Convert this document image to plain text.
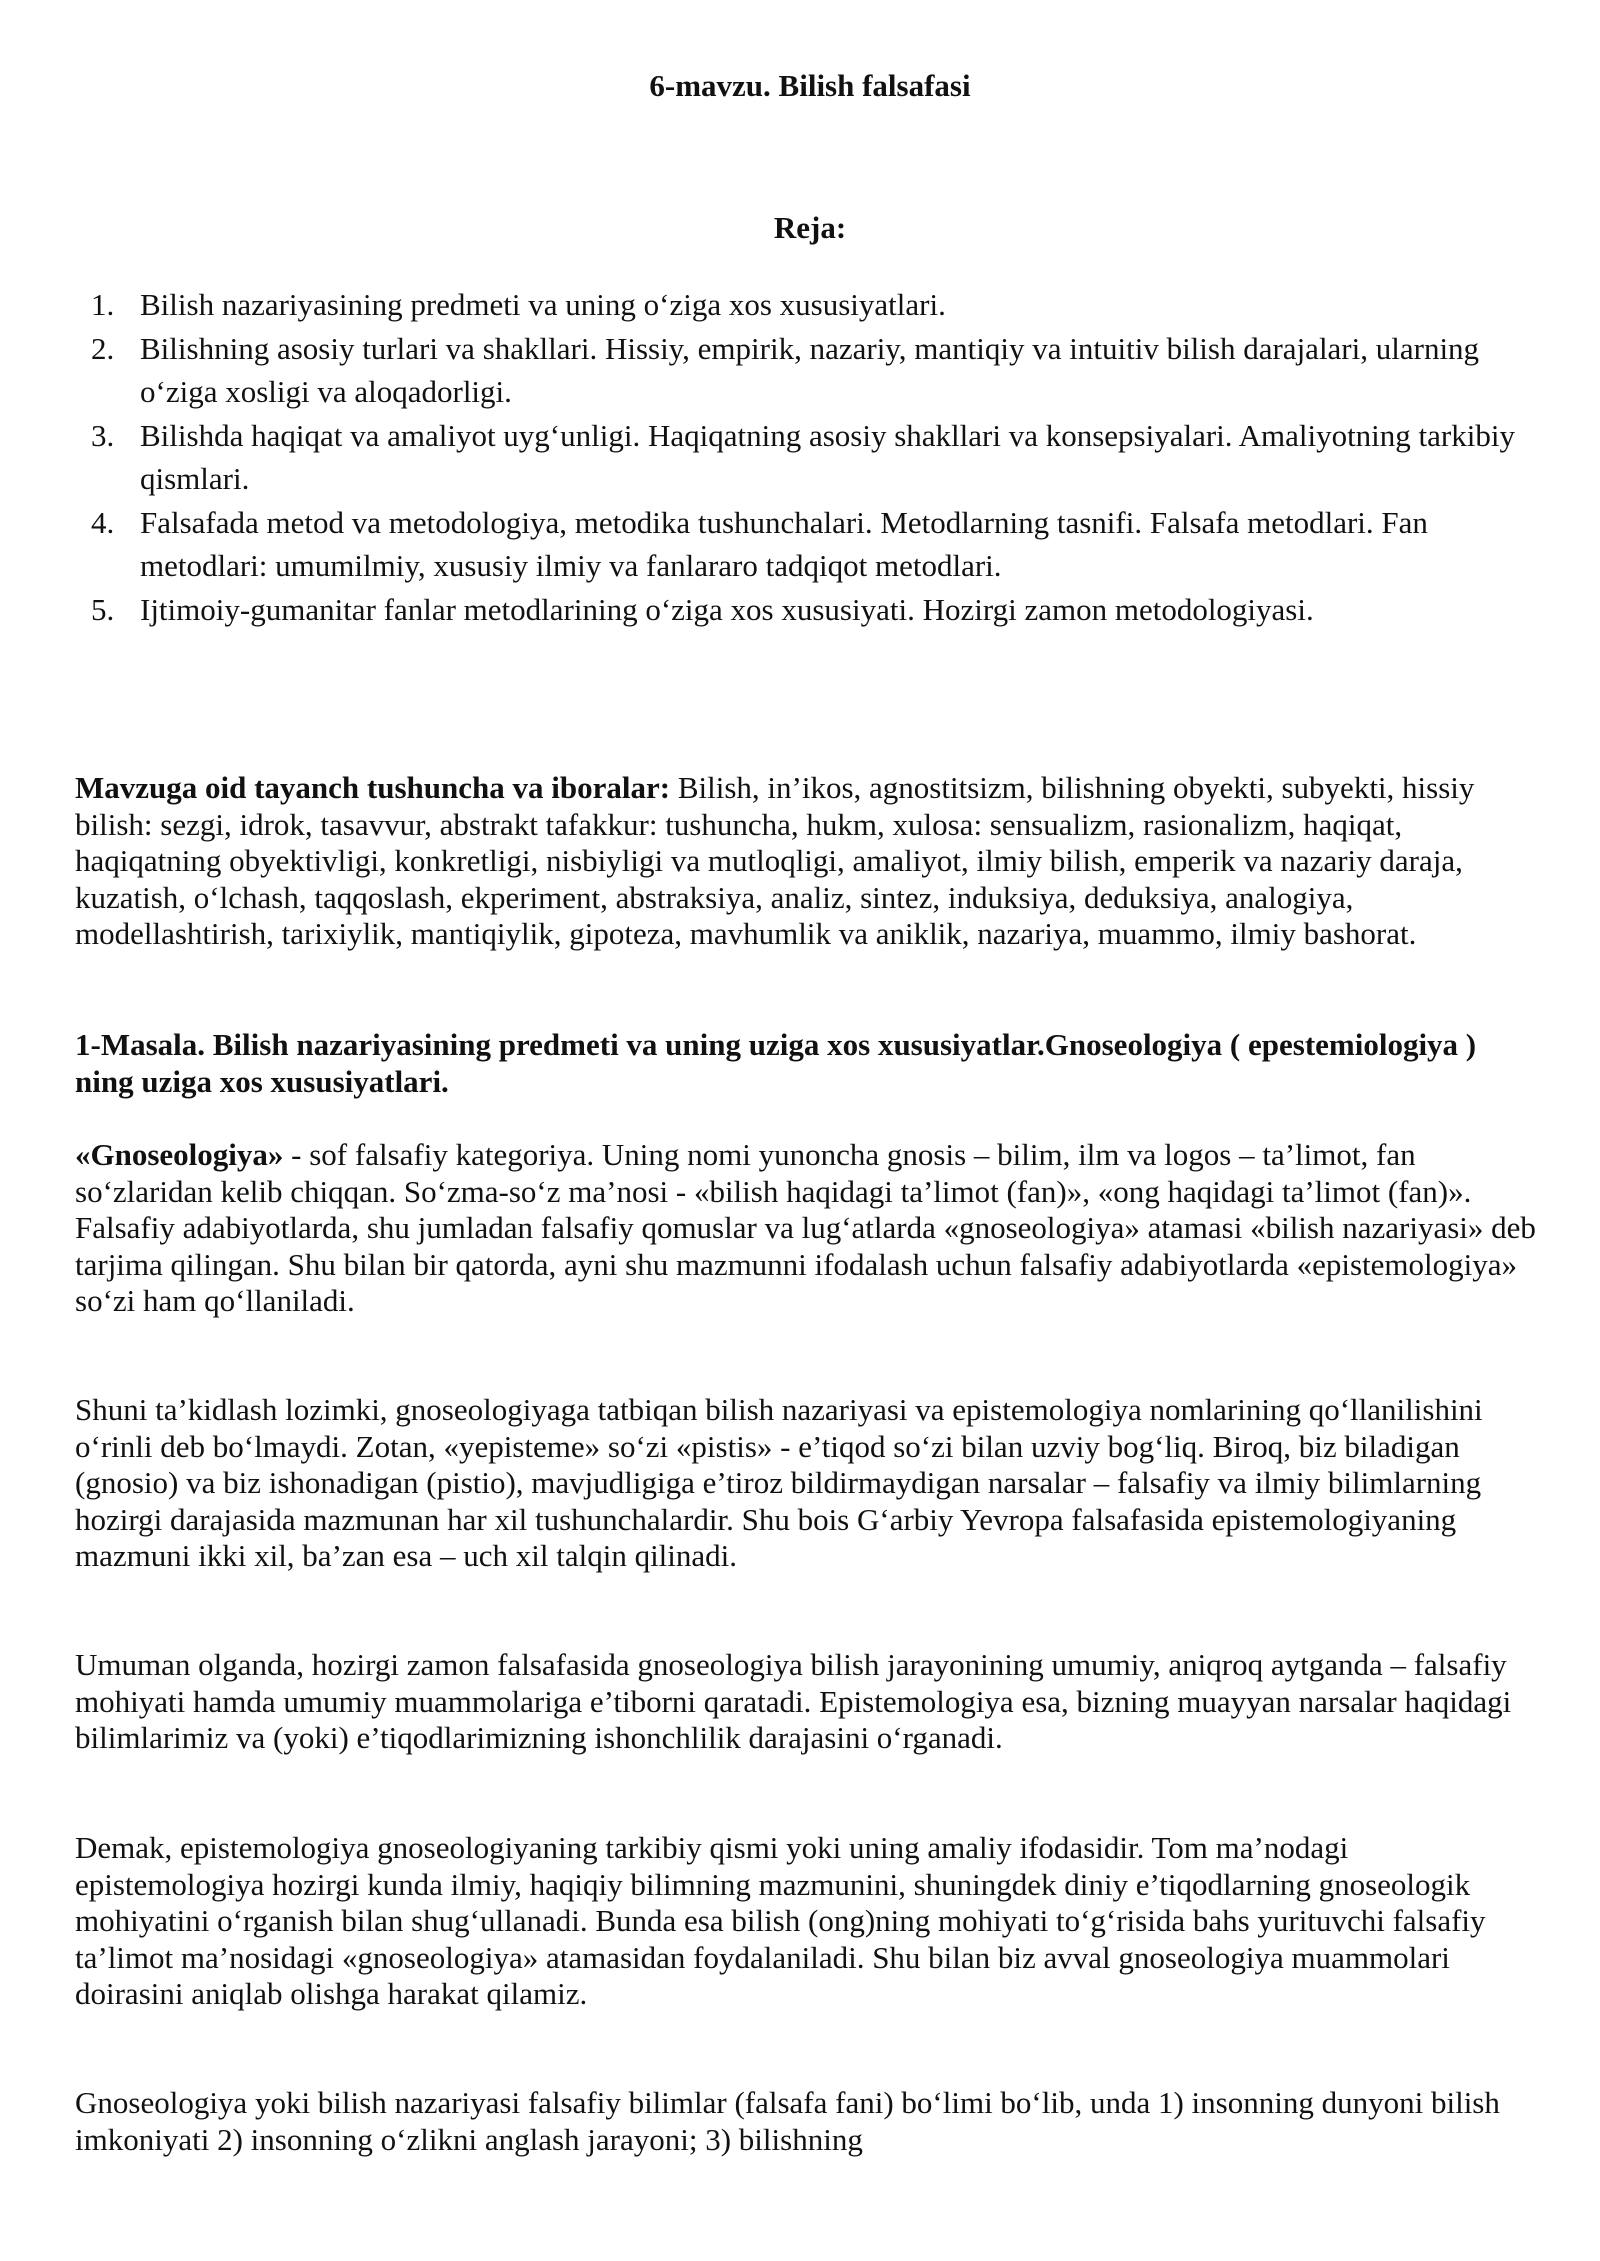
6-mavzu. Bilish falsafasi
Reja:
1. Bilish nazariyasining predmeti va uning o‘ziga xos xususiyatlari.
2. Bilishning asosiy turlari va shakllari. Hissiy, empirik, nazariy, mantiqiy va intuitiv bilish darajalari, ularning o‘ziga xosligi va aloqadorligi.
3. Bilishda haqiqat va amaliyot uyg‘unligi. Haqiqatning asosiy shakllari va konsepsiyalari. Amaliyotning tarkibiy qismlari.
4. Falsafada metod va metodologiya, metodika tushunchalari. Metodlarning tasnifi. Falsafa metodlari. Fan metodlari: umumilmiy, xususiy ilmiy va fanlararo tadqiqot metodlari.
5. Ijtimoiy-gumanitar fanlar metodlarining o‘ziga xos xususiyati. Hozirgi zamon metodologiyasi.

Mavzuga oid tayanch tushuncha va iboralar: Bilish, in’ikos, agnostitsizm, bilishning obyekti, subyekti, hissiy bilish: sezgi, idrok, tasavvur, abstrakt tafakkur: tushuncha, hukm, xulosa: sensualizm, rasionalizm, haqiqat, haqiqatning obyektivligi, konkretligi, nisbiyligi va mutloqligi, amaliyot, ilmiy bilish, emperik va nazariy daraja, kuzatish, o‘lchash, taqqoslash, ekperiment, abstraksiya, analiz, sintez, induksiya, deduksiya, analogiya, modellashtirish, tarixiylik, mantiqiylik, gipoteza, mavhumlik va aniklik, nazariya, muammo, ilmiy bashorat.

1-Masala. Bilish nazariyasining predmeti va uning uziga xos xususiyatlar.Gnoseologiya ( epestemiologiya ) ning uziga xos xususiyatlari.

«Gnoseologiya» - sof falsafiy kategoriya. Uning nomi yunoncha gnosis – bilim, ilm va logos – ta’limot, fan so‘zlaridan kelib chiqqan. So‘zma-so‘z ma’nosi - «bilish haqidagi ta’limot (fan)», «ong haqidagi ta’limot (fan)». Falsafiy adabiyotlarda, shu jumladan falsafiy qomuslar va lug‘atlarda «gnoseologiya» atamasi «bilish nazariyasi» deb tarjima qilingan. Shu bilan bir qatorda, ayni shu mazmunni ifodalash uchun falsafiy adabiyotlarda «epistemologiya» so‘zi ham qo‘llaniladi.

Shuni ta’kidlash lozimki, gnoseologiyaga tatbiqan bilish nazariyasi va epistemologiya nomlarining qo‘llanilishini o‘rinli deb bo‘lmaydi. Zotan, «yepisteme» so‘zi «pistis» - e’tiqod so‘zi bilan uzviy bog‘liq. Biroq, biz biladigan (gnosio) va biz ishonadigan (pistio), mavjudligiga e’tiroz bildirmaydigan narsalar – falsafiy va ilmiy bilimlarning hozirgi darajasida mazmunan har xil tushunchalardir. Shu bois G‘arbiy Yevropa falsafasida epistemologiyaning mazmuni ikki xil, ba’zan esa – uch xil talqin qilinadi.
Umuman olganda, hozirgi zamon falsafasida gnoseologiya bilish jarayonining umumiy, aniqroq aytganda – falsafiy mohiyati hamda umumiy muammolariga e’tiborni qaratadi. Epistemologiya esa, bizning muayyan narsalar haqidagi bilimlarimiz va (yoki) e’tiqodlarimizning ishonchlilik darajasini o‘rganadi.
Demak, epistemologiya gnoseologiyaning tarkibiy qismi yoki uning amaliy ifodasidir. Tom ma’nodagi epistemologiya hozirgi kunda ilmiy, haqiqiy bilimning mazmunini, shuningdek diniy e’tiqodlarning gnoseologik mohiyatini o‘rganish bilan shug‘ullanadi. Bunda esa bilish (ong)ning mohiyati to‘g‘risida bahs yurituvchi falsafiy ta’limot ma’nosidagi «gnoseologiya» atamasidan foydalaniladi. Shu bilan biz avval gnoseologiya muammolari doirasini aniqlab olishga harakat qilamiz.
Gnoseologiya yoki bilish nazariyasi falsafiy bilimlar (falsafa fani) bo‘limi bo‘lib, unda 1) insonning dunyoni bilish imkoniyati 2) insonning o‘zlikni anglash jarayoni; 3) bilishning
